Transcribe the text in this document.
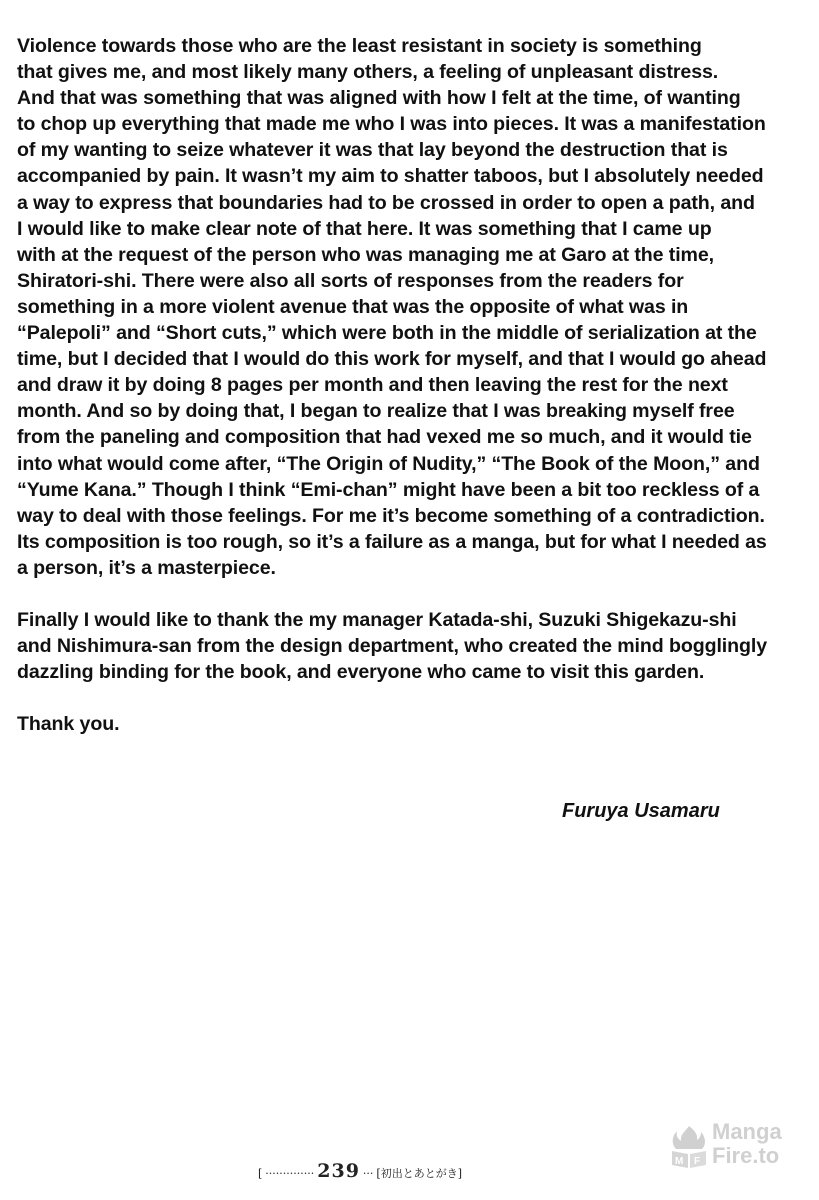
Violence towards those who are the least resistant in society is something
that gives me, and most likely many others, a feeling of unpleasant distress.
And that was something that was aligned with how I felt at the time, of wanting
to chop up everything that made me who I was into pieces. It was a manifestation
of my wanting to seize whatever it was that lay beyond the destruction that is
accompanied by pain. It wasn’t my aim to shatter taboos, but I absolutely needed
a way to express that boundaries had to be crossed in order to open a path, and
I would like to make clear note of that here. It was something that I came up
with at the request of the person who was managing me at Garo at the time,
Shiratori-shi. There were also all sorts of responses from the readers for
something in a more violent avenue that was the opposite of what was in
“Palepoli” and “Short cuts,” which were both in the middle of serialization at the
time, but I decided that I would do this work for myself, and that I would go ahead
and draw it by doing 8 pages per month and then leaving the rest for the next
month. And so by doing that, I began to realize that I was breaking myself free
from the paneling and composition that had vexed me so much, and it would tie
into what would come after, “The Origin of Nudity,” “The Book of the Moon,” and
“Yume Kana.” Though I think “Emi-chan” might have been a bit too reckless of a
way to deal with those feelings. For me it’s become something of a contradiction.
Its composition is too rough, so it’s a failure as a manga, but for what I needed as
a person, it’s a masterpiece.
Finally I would like to thank the my manager Katada-shi, Suzuki Shigekazu-shi
and Nishimura-san from the design department, who created the mind bogglingly
dazzling binding for the book, and everyone who came to visit this garden.
Thank you.
Furuya Usamaru
[ ·············· 239 ··· [初出とあとがき]
M F
Manga
Fire.to
